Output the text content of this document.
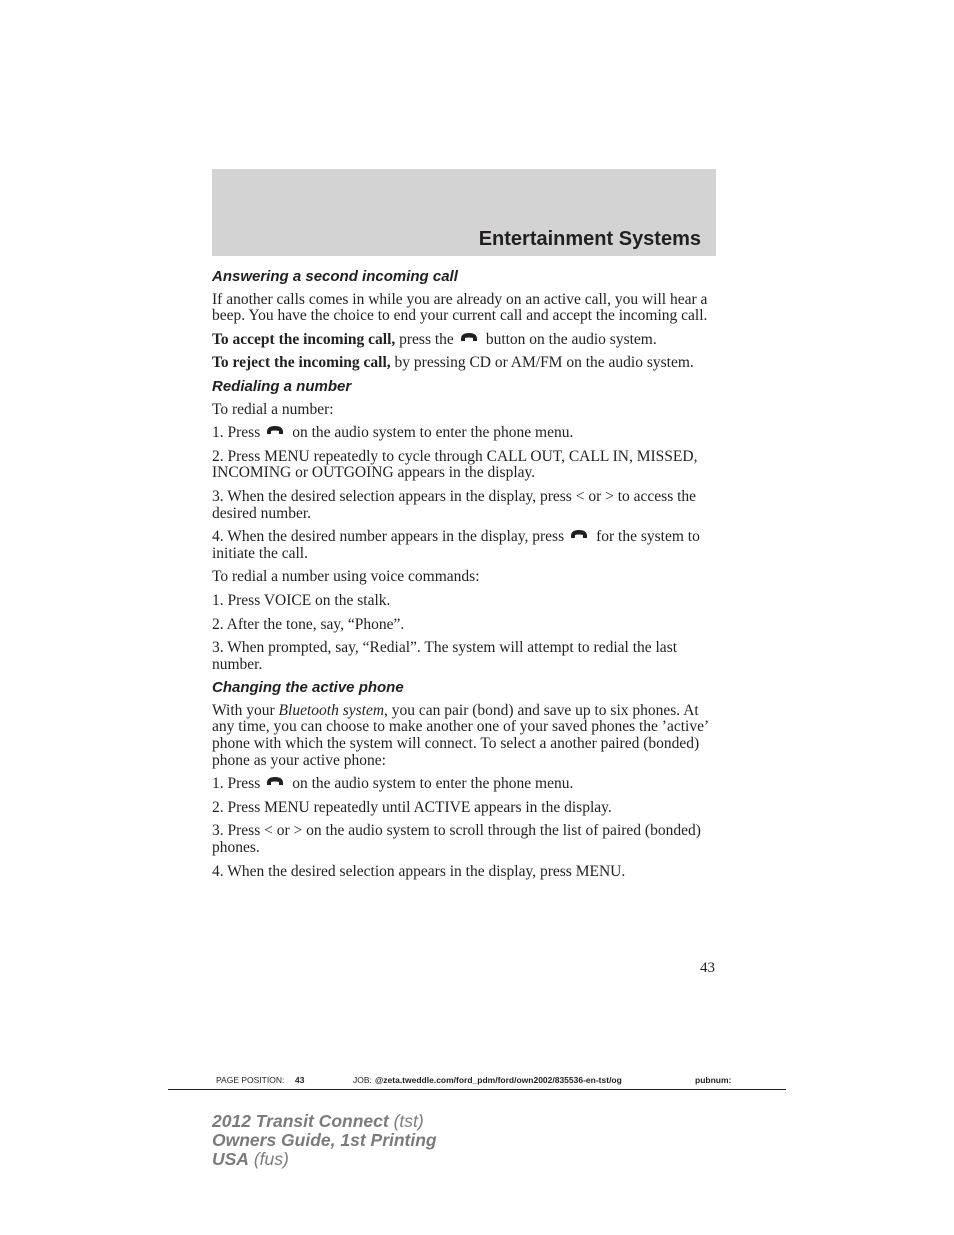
Entertainment Systems
Answering a second incoming call

If another calls comes in while you are already on an active call, you will hear a beep. You have the choice to end your current call and accept the incoming call.

To accept the incoming call, press the button on the audio system.

To reject the incoming call, by pressing CD or AM/FM on the audio system.

Redialing a number

To redial a number:

1. Press on the audio system to enter the phone menu.

2. Press MENU repeatedly to cycle through CALL OUT, CALL IN, MISSED, INCOMING or OUTGOING appears in the display.

3. When the desired selection appears in the display, press < or > to access the desired number.

4. When the desired number appears in the display, press for the system to initiate the call.

To redial a number using voice commands:

1. Press VOICE on the stalk.

2. After the tone, say, “Phone”.

3. When prompted, say, “Redial”. The system will attempt to redial the last number.

Changing the active phone

With your Bluetooth system, you can pair (bond) and save up to six phones. At any time, you can choose to make another one of your saved phones the ’active’ phone with which the system will connect. To select a another paired (bonded) phone as your active phone:

1. Press on the audio system to enter the phone menu.

2. Press MENU repeatedly until ACTIVE appears in the display.

3. Press < or > on the audio system to scroll through the list of paired (bonded) phones.

4. When the desired selection appears in the display, press MENU.

43
PAGE POSITION: 43	JOB: @zeta.tweddle.com/ford_pdm/ford/own2002/835536-en-tst/og	pubnum:
2012 Transit Connect (tst)
Owners Guide, 1st Printing
USA (fus)
